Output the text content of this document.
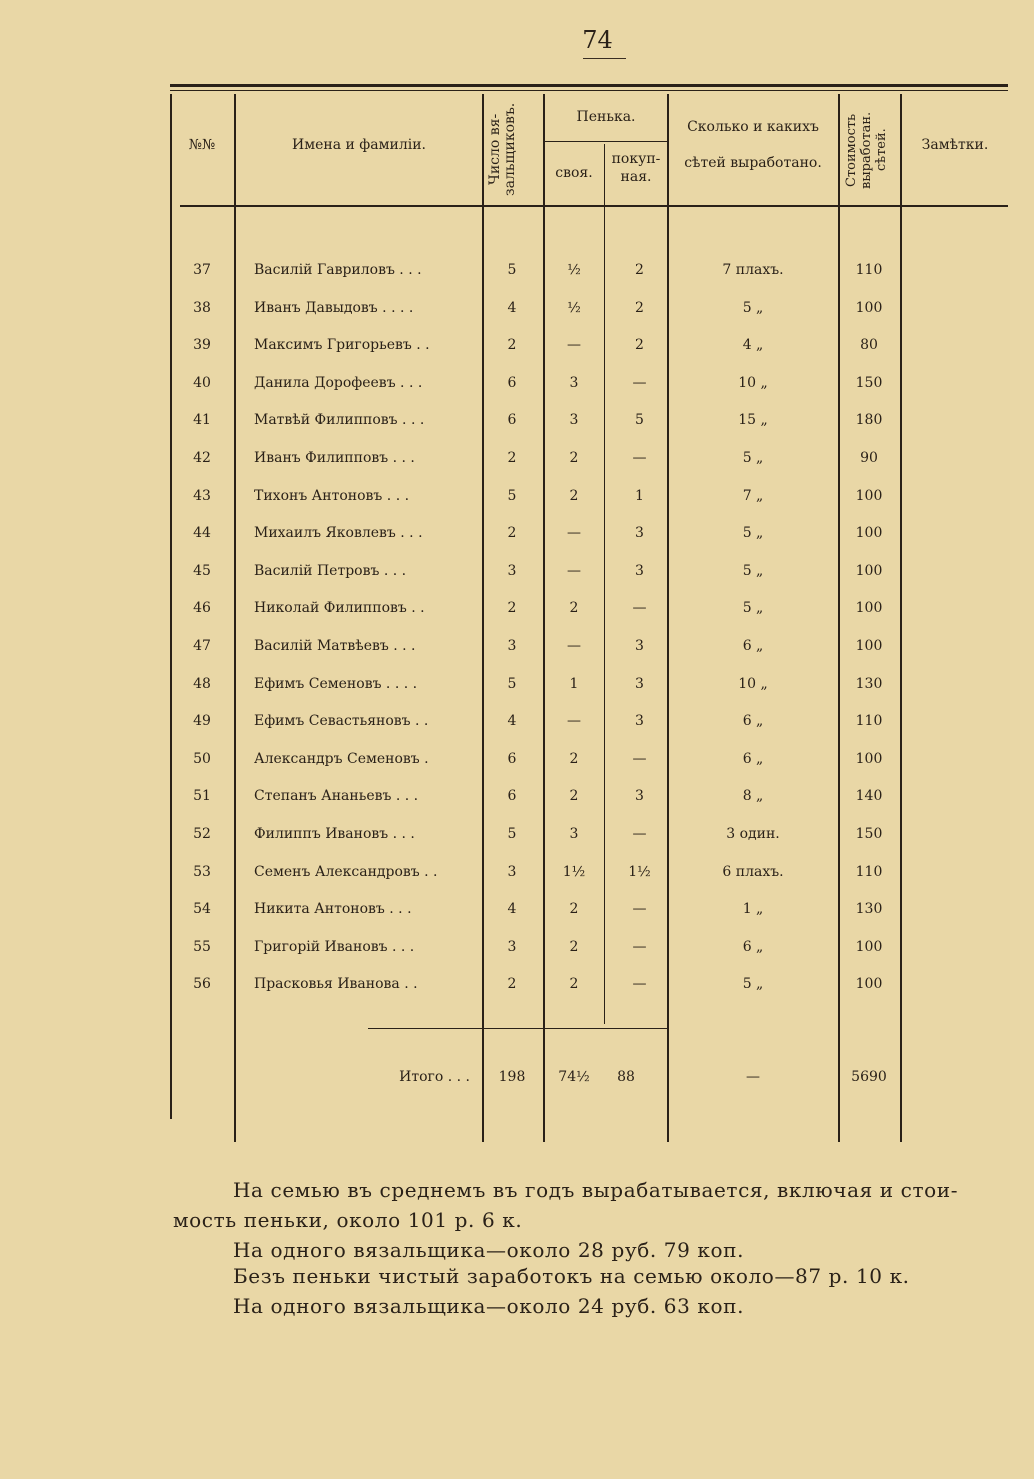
74
№№	Имена и фамиліи.	Число вя-зальщиковъ.	Пенька.
своя.
покуп-ная.
Сколько и какихъ
сѣтей выработано.	Стоимость выработан. сѣтей.	Замѣтки.
37	Василій Гавриловъ . . .	5	½	2	7 плахъ.	110
38	Иванъ Давыдовъ . . . .	4	½	2	5 „	100
39	Максимъ Григорьевъ . .	2	—	2	4 „	80
40	Данила Дорофеевъ . . .	6	3	—	10 „	150
41	Матвѣй Филипповъ . . .	6	3	5	15 „	180
42	Иванъ Филипповъ . . .	2	2	—	5 „	90
43	Тихонъ Антоновъ . . .	5	2	1	7 „	100
44	Михаилъ Яковлевъ . . .	2	—	3	5 „	100
45	Василій Петровъ . . .	3	—	3	5 „	100
46	Николай Филипповъ . .	2	2	—	5 „	100
47	Василій Матвѣевъ . . .	3	—	3	6 „	100
48	Ефимъ Семеновъ . . . .	5	1	3	10 „	130
49	Ефимъ Севастьяновъ . .	4	—	3	6 „	110
50	Александръ Семеновъ .	6	2	—	6 „	100
51	Степанъ Ананьевъ . . .	6	2	3	8 „	140
52	Филиппъ Ивановъ . . .	5	3	—	3 один.	150
53	Семенъ Александровъ . .	3	1½	1½	6 плахъ.	110
54	Никита Антоновъ . . .	4	2	—	1 „	130
55	Григорій Ивановъ . . .	3	2	—	6 „	100
56	Прасковья Иванова . .	2	2	—	5 „	100
Итого . . .	198	74½	88	—	5690
На семью въ среднемъ въ годъ вырабатывается, включая и стои-
мость пеньки, около 101 р. 6 к.
На одного вязальщика—около 28 руб. 79 коп.
Безъ пеньки чистый заработокъ на семью около—87 р. 10 к.
На одного вязальщика—около 24 руб. 63 коп.
